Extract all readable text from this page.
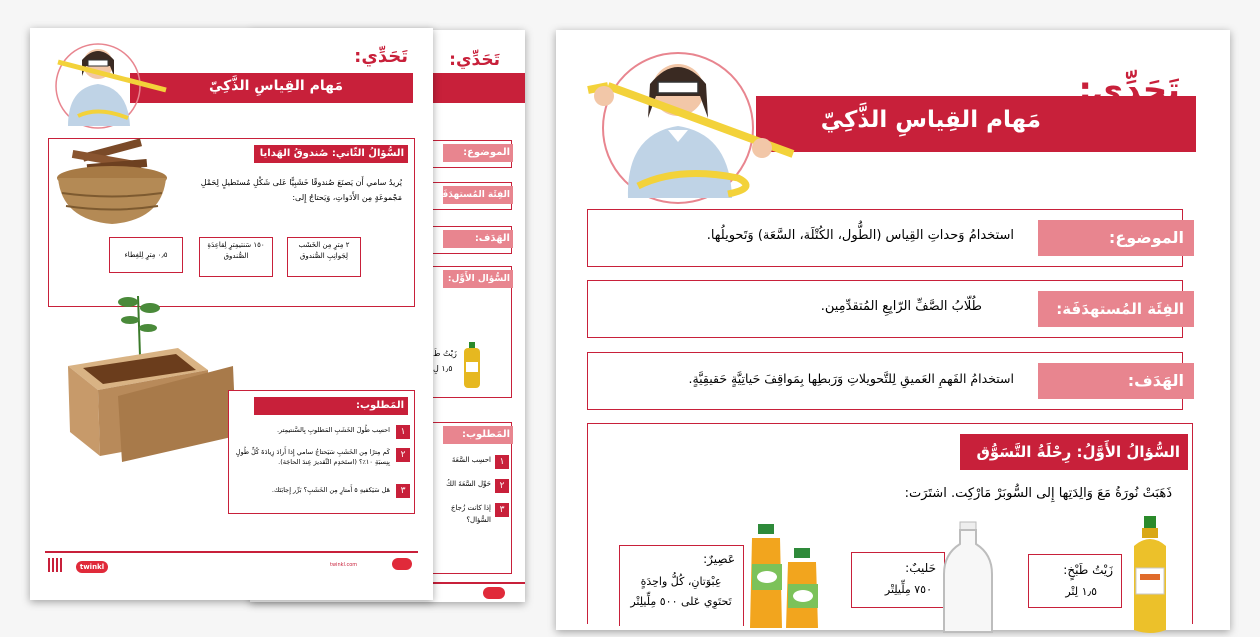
تَحَدِّي:
الموضوع:
الفِئَة المُستهدَفَة:
الهَدَف:
السُّؤال الأَوَّل:
زَيْتُ طَ
١٫٥ لِ
المَطلوب:
١
٢
٣
احسِب السَّعَةَ
حَوِّل السَّعَةَ الكُ
إذا كانت زُجاجَ
السُّؤال؟
مَهام القِياسِ الذَّكِيّ
تَحَدِّي:
السُّؤالُ الثّاني: صُندوقُ الهَدايا
يُريدُ سامي أَن يَصنَعَ صُندوقًا خَشَبِيًّا عَلى شَكْلِ مُستَطيلٍ لِحَمْلِ مَجْموعَةٍ مِن الأَدَواتِ، وَيَحتاجُ إِلى:
٢ مِترٍ مِن الخَشَب لِجَوانِبِ الصُّندوق
١٥٠ سَنتيمِترٍ لِقاعِدَةِ الصُّندوق
٠٫٥ مِترٍ لِلغِطاء
المَطلوب:
١
احسِب طُولَ الخَشَبِ المَطلوبِ بِالسَّنتيمِتر.
٢
كَم مِترًا مِن الخَشَبِ سَيَحتاجُ سامي إِذا أَرادَ زِيادَةَ كُلِّ طُولٍ بِنِسبَةِ ١٠٪؟ (استَخدِم التَّقديرَ عِندَ الحاجَة).
٣
هَل سَيَكفيهِ ٥ أَمتارٍ مِن الخَشَبِ؟ بَرِّر إِجابَتَك.
twinkl	twinkl.com
مَهام القِياسِ الذَّكِيّ
تَحَدِّي:
الموضوع:
استخدامُ وَحداتِ القِياس (الطُّول، الكُتْلَة، السَّعَة) وَتَحويلُها.
الفِئَة المُستهدَفَة:
طُلّابُ الصَّفِّ الرّابِعِ المُتقدِّمِين.
الهَدَف:
استخدامُ الفَهمِ العَميقِ لِلتَّحويلاتِ وَرَبطِها بِمَواقِفَ حَياتِيَّةٍ حَقيقِيَّةٍ.
السُّؤالُ الأَوَّلُ: رِحْلَةُ التَّسَوُّق
ذَهَبَتْ نُورَةُ مَعَ وَالِدَتِها إِلى السُّوبَرْ مَارْكِت. اشتَرَت:
زَيْتُ طَبْخٍ:
١٫٥ لِتْر
حَليبٌ:
٧٥٠ مِلِّيلِتْر
عَصِيرٌ:
عِبْوَتانِ، كُلُّ واحِدَةٍ تَحتَوِي عَلى ٥٠٠ مِلِّيلِتْر
